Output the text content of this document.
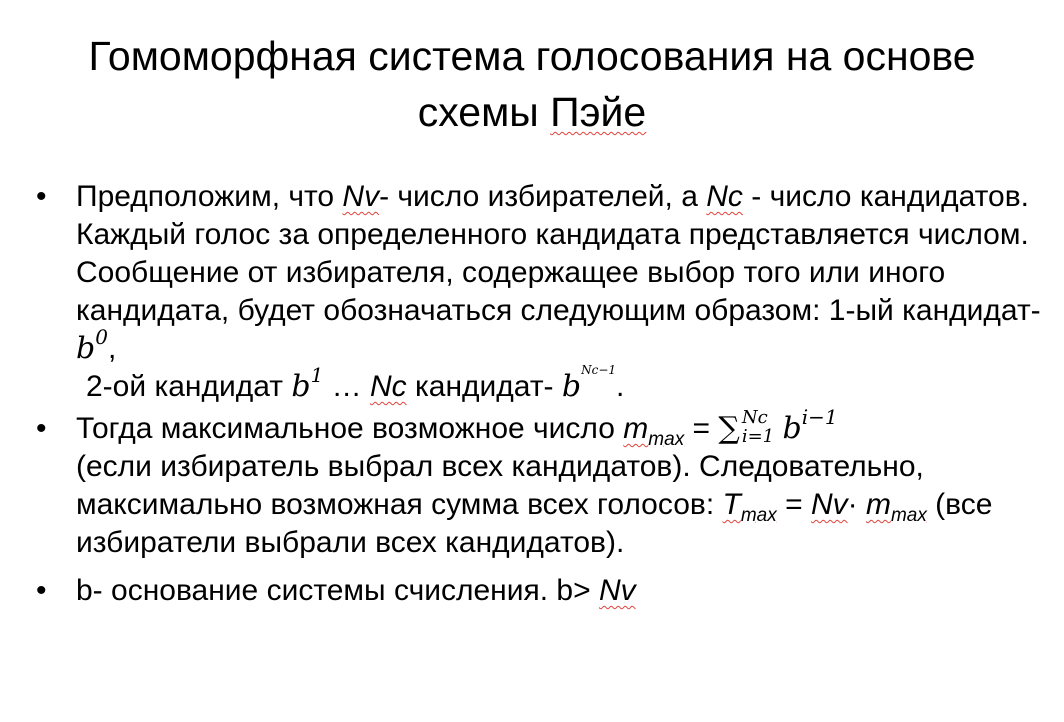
Гомоморфная система голосования на основе
схемы Пэйе
• Предположим, что Nv- число избирателей, а Nc - число кандидатов. Каждый голос за определенного кандидата представляется числом. Сообщение от избирателя, содержащее выбор того или иного кандидата, будет обозначаться следующим образом: 1-ый кандидат- $b^0$,
2-ой кандидат $b^1$ … Nc кандидат- $b^{Nc-1}$.
• Тогда максимальное возможное число $m_{max}$ = ∑ Nc
i=1 $b^{i-1}$
(если избиратель выбрал всех кандидатов). Следовательно, максимально возможная сумма всех голосов: $T_{max} = Nv\cdot m_{max}$ (все избиратели выбрали всех кандидатов).
• b- основание системы счисления. b> Nv
